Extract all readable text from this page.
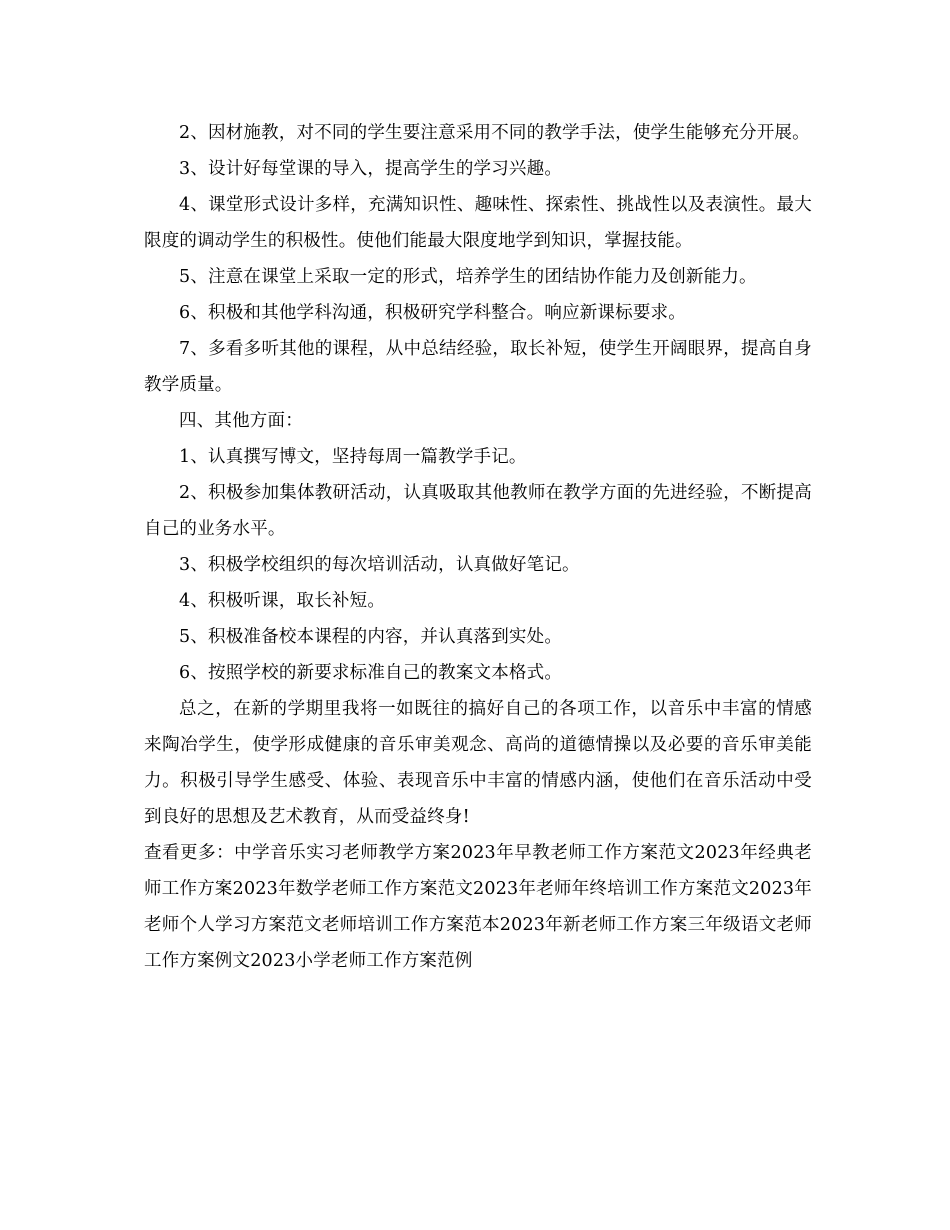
2、因材施教，对不同的学生要注意采用不同的教学手法，使学生能够充分开展。

3、设计好每堂课的导入，提高学生的学习兴趣。

4、课堂形式设计多样，充满知识性、趣味性、探索性、挑战性以及表演性。最大限度的调动学生的积极性。使他们能最大限度地学到知识，掌握技能。

5、注意在课堂上采取一定的形式，培养学生的团结协作能力及创新能力。

6、积极和其他学科沟通，积极研究学科整合。响应新课标要求。

7、多看多听其他的课程，从中总结经验，取长补短，使学生开阔眼界，提高自身教学质量。

四、其他方面：

1、认真撰写博文，坚持每周一篇教学手记。

2、积极参加集体教研活动，认真吸取其他教师在教学方面的先进经验，不断提高自己的业务水平。

3、积极学校组织的每次培训活动，认真做好笔记。

4、积极听课，取长补短。

5、积极准备校本课程的内容，并认真落到实处。

6、按照学校的新要求标准自己的教案文本格式。

总之，在新的学期里我将一如既往的搞好自己的各项工作，以音乐中丰富的情感来陶冶学生，使学形成健康的音乐审美观念、高尚的道德情操以及必要的音乐审美能力。积极引导学生感受、体验、表现音乐中丰富的情感内涵，使他们在音乐活动中受到良好的思想及艺术教育，从而受益终身!

查看更多：中学音乐实习老师教学方案2023年早教老师工作方案范文2023年经典老师工作方案2023年数学老师工作方案范文2023年老师年终培训工作方案范文2023年老师个人学习方案范文老师培训工作方案范本2023年新老师工作方案三年级语文老师工作方案例文2023小学老师工作方案范例
